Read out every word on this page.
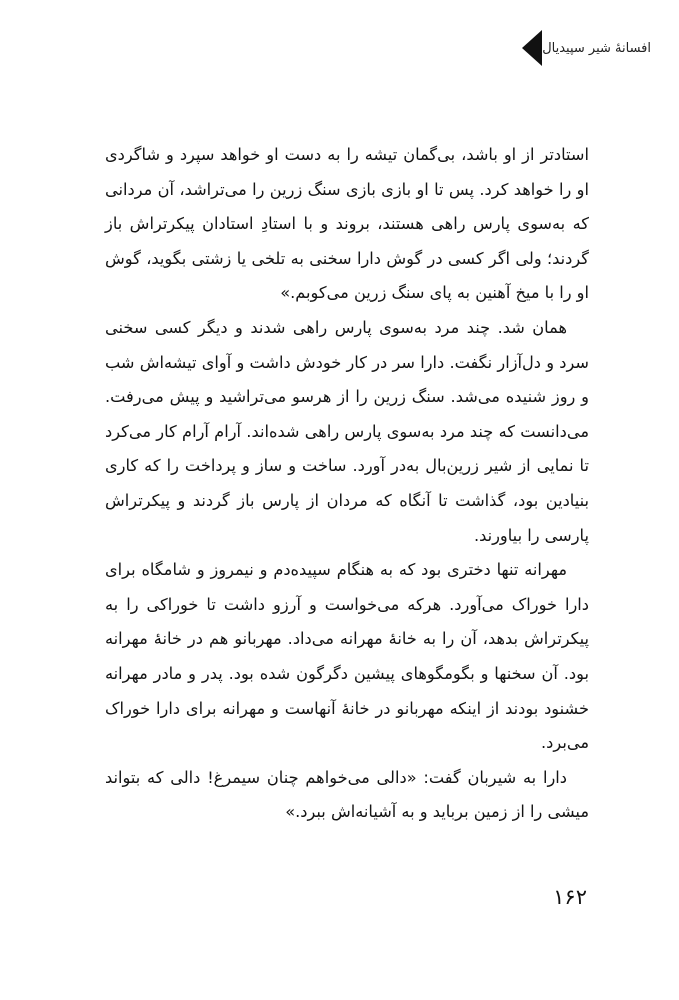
افسانهٔ شیر سپیدیال

استادتر از او باشد، بی‌گمان تیشه را به دست او خواهد سپرد و شاگردی او را خواهد کرد. پس تا او بازی بازی سنگ زرین را می‌تراشد، آن مردانی که به‌سوی پارس راهی هستند، بروند و با استادِ استادان پیکرتراش باز گردند؛ ولی اگر کسی در گوش دارا سخنی به تلخی یا زشتی بگوید، گوش او را با میخ آهنین به پای سنگ زرین می‌کوبم.»

همان شد. چند مرد به‌سوی پارس راهی شدند و دیگر کسی سخنی سرد و دل‌آزار نگفت. دارا سر در کار خودش داشت و آوای تیشه‌اش شب و روز شنیده می‌شد. سنگ زرین را از هرسو می‌تراشید و پیش می‌رفت. می‌دانست که چند مرد به‌سوی پارس راهی شده‌اند. آرام آرام کار می‌کرد تا نمایی از شیر زرین‌بال به‌در آورد. ساخت و ساز و پرداخت را که کاری بنیادین بود، گذاشت تا آنگاه که مردان از پارس باز گردند و پیکرتراش پارسی را بیاورند.

مهرانه تنها دختری بود که به هنگام سپیده‌دم و نیمروز و شامگاه برای دارا خوراک می‌آورد. هرکه می‌خواست و آرزو داشت تا خوراکی را به پیکرتراش بدهد، آن را به خانهٔ مهرانه می‌داد. مهربانو هم در خانهٔ مهرانه بود. آن سخنها و بگومگوهای پیشین دگرگون شده بود. پدر و مادر مهرانه خشنود بودند از اینکه مهربانو در خانهٔ آنهاست و مهرانه برای دارا خوراک می‌برد.

دارا به شیربان گفت: «دالی می‌خواهم چنان سیمرغ! دالی که بتواند میشی را از زمین برباید و به آشیانه‌اش ببرد.»

۱۶۲
